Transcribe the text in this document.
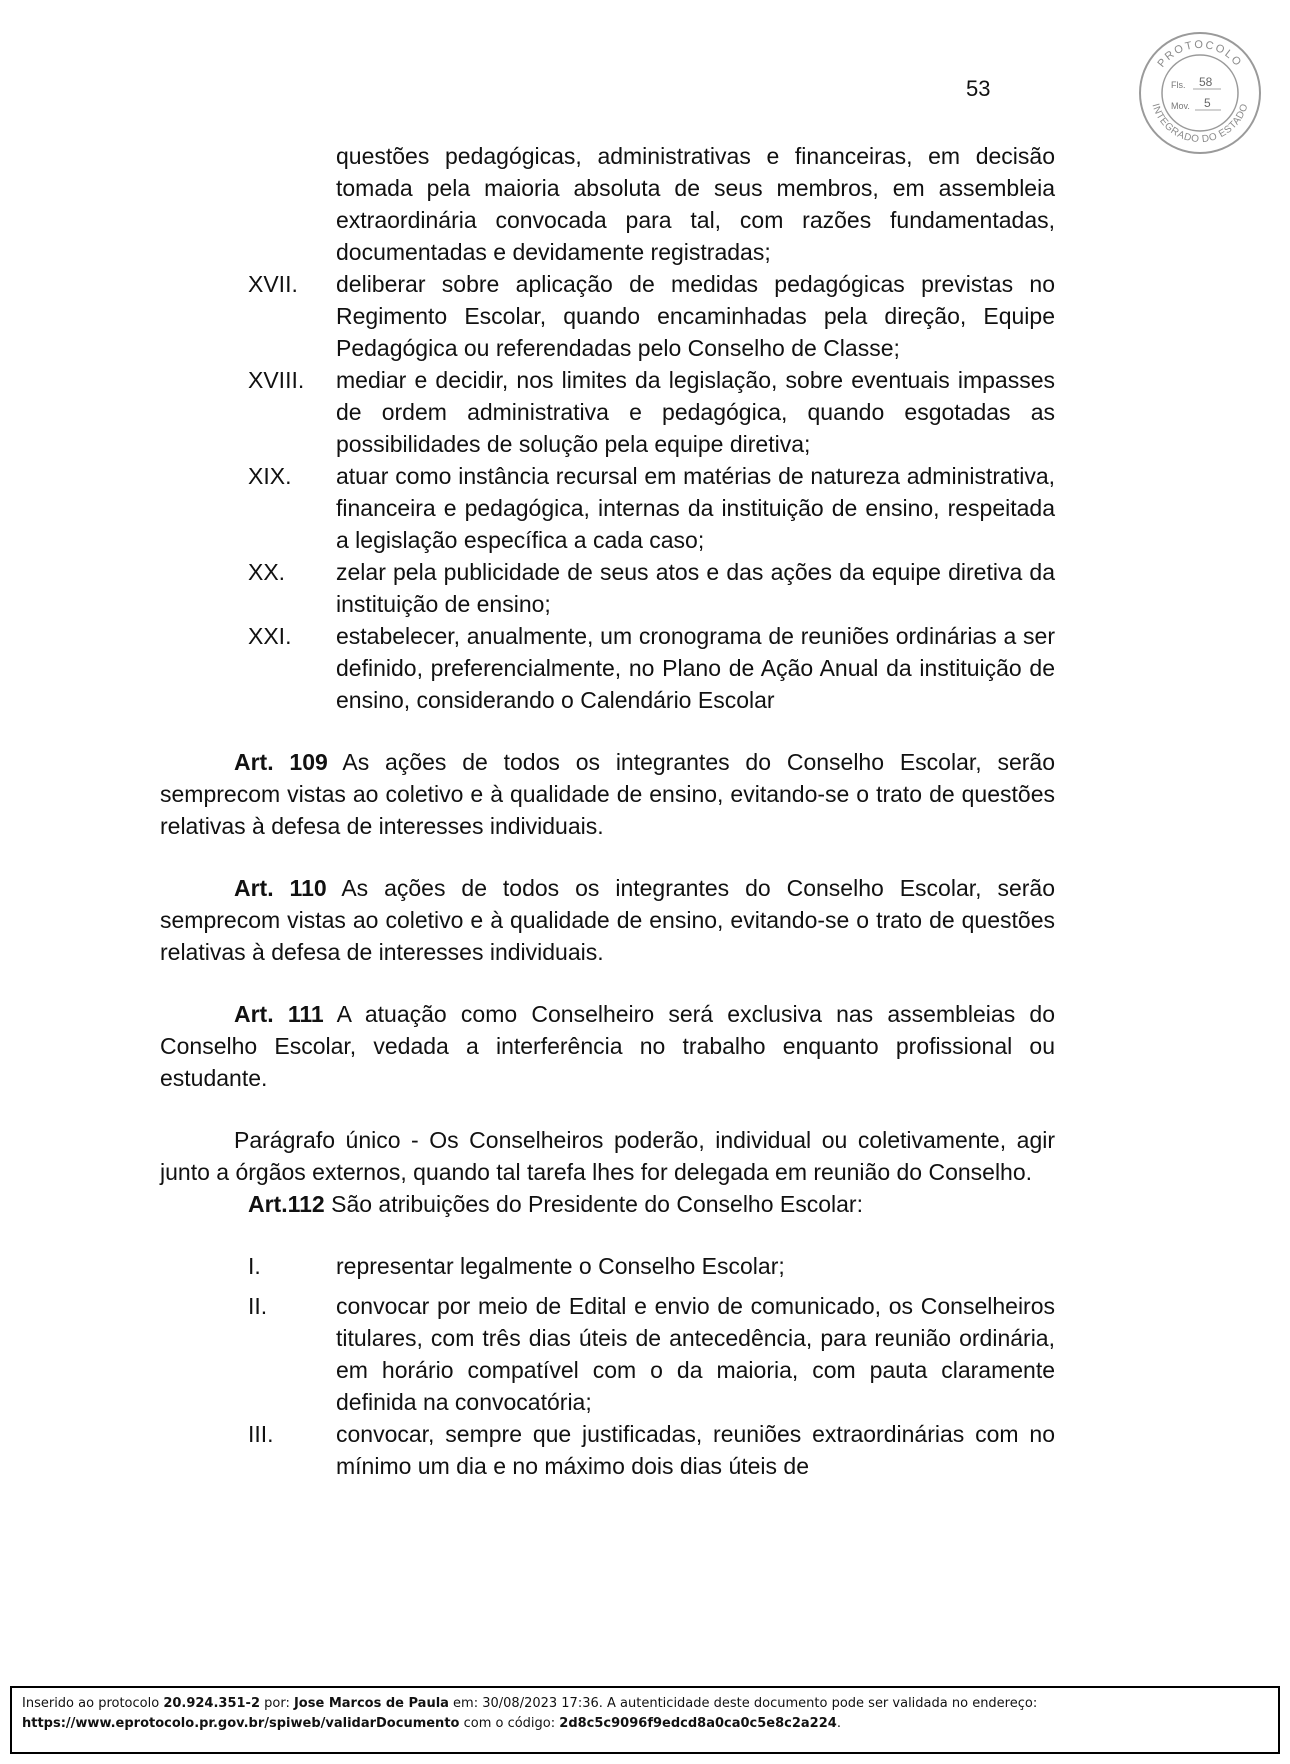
53
PROTOCOLO
INTEGRADO DO ESTADO
Fls. 58
Mov. 5
questões pedagógicas, administrativas e financeiras, em decisão tomada pela maioria absoluta de seus membros, em assembleia extraordinária convocada para tal, com razões fundamentadas, documentadas e devidamente registradas;
XVII. deliberar sobre aplicação de medidas pedagógicas previstas no Regimento Escolar, quando encaminhadas pela direção, Equipe Pedagógica ou referendadas pelo Conselho de Classe;
XVIII. mediar e decidir, nos limites da legislação, sobre eventuais impasses de ordem administrativa e pedagógica, quando esgotadas as possibilidades de solução pela equipe diretiva;
XIX. atuar como instância recursal em matérias de natureza administrativa, financeira e pedagógica, internas da instituição de ensino, respeitada a legislação específica a cada caso;
XX. zelar pela publicidade de seus atos e das ações da equipe diretiva da instituição de ensino;
XXI. estabelecer, anualmente, um cronograma de reuniões ordinárias a ser definido, preferencialmente, no Plano de Ação Anual da instituição de ensino, considerando o Calendário Escolar

Art. 109 As ações de todos os integrantes do Conselho Escolar, serão semprecom vistas ao coletivo e à qualidade de ensino, evitando-se o trato de questões relativas à defesa de interesses individuais.

Art. 110 As ações de todos os integrantes do Conselho Escolar, serão semprecom vistas ao coletivo e à qualidade de ensino, evitando-se o trato de questões relativas à defesa de interesses individuais.

Art. 111 A atuação como Conselheiro será exclusiva nas assembleias do Conselho Escolar, vedada a interferência no trabalho enquanto profissional ou estudante.

Parágrafo único - Os Conselheiros poderão, individual ou coletivamente, agir junto a órgãos externos, quando tal tarefa lhes for delegada em reunião do Conselho.

Art.112 São atribuições do Presidente do Conselho Escolar:
I.	representar legalmente o Conselho Escolar;
II.	convocar por meio de Edital e envio de comunicado, os Conselheiros titulares, com três dias úteis de antecedência, para reunião ordinária, em horário compatível com o da maioria, com pauta claramente definida na convocatória;
III.	convocar, sempre que justificadas, reuniões extraordinárias com no mínimo um dia e no máximo dois dias úteis de
Inserido ao protocolo 20.924.351-2 por: Jose Marcos de Paula em: 30/08/2023 17:36. A autenticidade deste documento pode ser validada no endereço:
https://www.eprotocolo.pr.gov.br/spiweb/validarDocumento com o código: 2d8c5c9096f9edcd8a0ca0c5e8c2a224.
